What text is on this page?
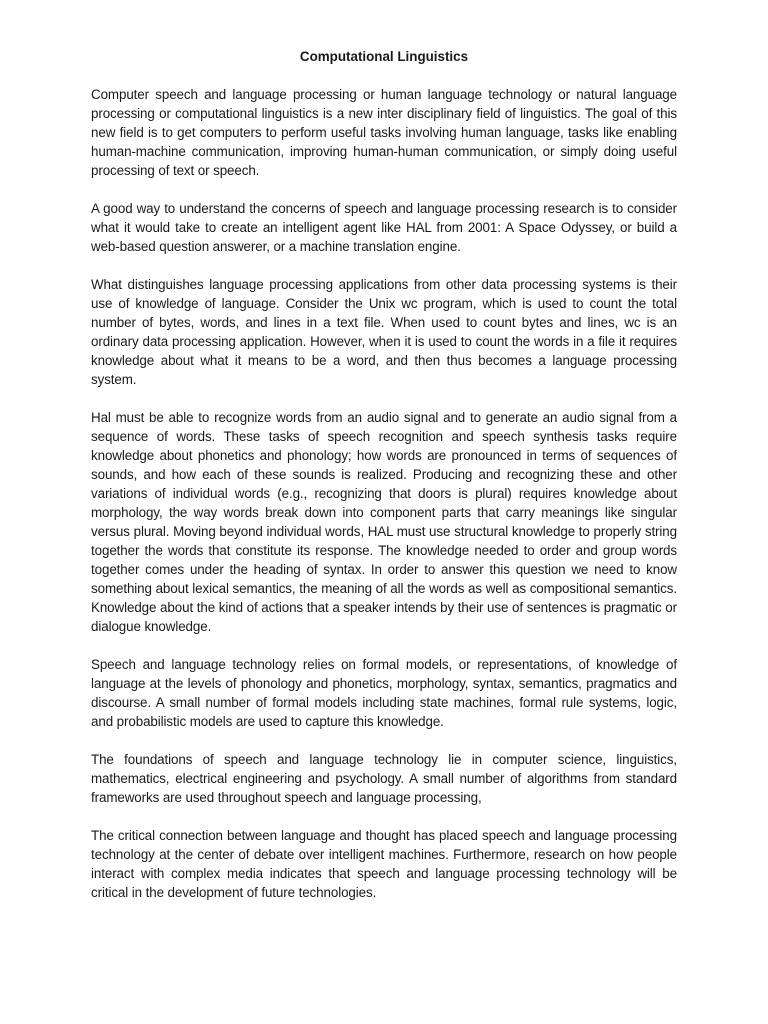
Computational Linguistics

Computer speech and language processing or human language technology or natural language processing or computational linguistics is a new inter disciplinary field of linguistics. The goal of this new field is to get computers to perform useful tasks involving human language, tasks like enabling human-machine communication, improving human-human communication, or simply doing useful processing of text or speech.

A good way to understand the concerns of speech and language processing research is to consider what it would take to create an intelligent agent like HAL from 2001: A Space Odyssey, or build a web-based question answerer, or a machine translation engine.

What distinguishes language processing applications from other data processing systems is their use of knowledge of language. Consider the Unix wc program, which is used to count the total number of bytes, words, and lines in a text file. When used to count bytes and lines, wc is an ordinary data processing application. However, when it is used to count the words in a file it requires knowledge about what it means to be a word, and then thus becomes a language processing system.

Hal must be able to recognize words from an audio signal and to generate an audio signal from a sequence of words. These tasks of speech recognition and speech synthesis tasks require knowledge about phonetics and phonology; how words are pronounced in terms of sequences of sounds, and how each of these sounds is realized. Producing and recognizing these and other variations of individual words (e.g., recognizing that doors is plural) requires knowledge about morphology, the way words break down into component parts that carry meanings like singular versus plural. Moving beyond individual words, HAL must use structural knowledge to properly string together the words that constitute its response. The knowledge needed to order and group words together comes under the heading of syntax. In order to answer this question we need to know something about lexical semantics, the meaning of all the words as well as compositional semantics. Knowledge about the kind of actions that a speaker intends by their use of sentences is pragmatic or dialogue knowledge.

Speech and language technology relies on formal models, or representations, of knowledge of language at the levels of phonology and phonetics, morphology, syntax, semantics, pragmatics and discourse. A small number of formal models including state machines, formal rule systems, logic, and probabilistic models are used to capture this knowledge.

The foundations of speech and language technology lie in computer science, linguistics, mathematics, electrical engineering and psychology. A small number of algorithms from standard frameworks are used throughout speech and language processing,

The critical connection between language and thought has placed speech and language processing technology at the center of debate over intelligent machines. Furthermore, research on how people interact with complex media indicates that speech and language processing technology will be critical in the development of future technologies.
